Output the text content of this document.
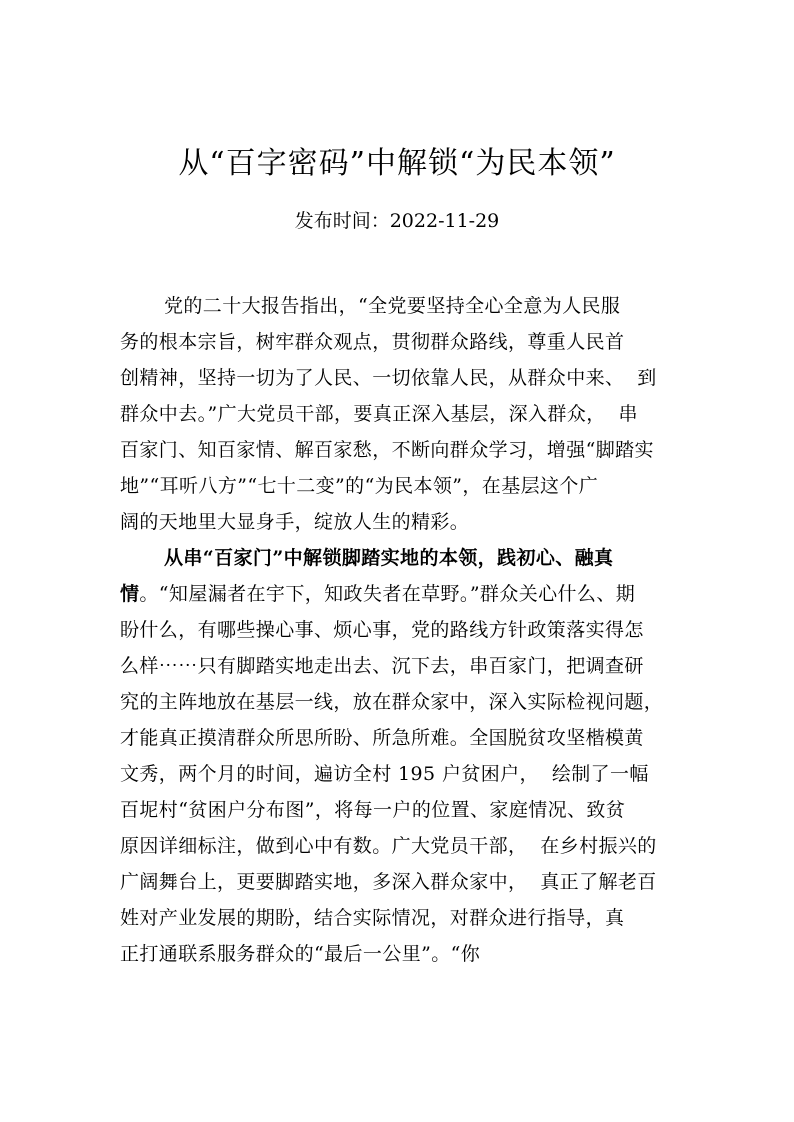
从“百字密码”中解锁“为民本领”
发布时间：2022-11-29
党的二十大报告指出，“全党要坚持全心全意为人民服
务的根本宗旨，树牢群众观点，贯彻群众路线，尊重人民首
创精神，坚持一切为了人民、一切依靠人民，从群众中来、  到
群众中去。”广大党员干部，要真正深入基层，深入群众，  串
百家门、知百家情、解百家愁，不断向群众学习，增强“脚踏实
地”“耳听八方”“七十二变”的“为民本领”，在基层这个广
阔的天地里大显身手，绽放人生的精彩。
从串“百家门”中解锁脚踏实地的本领，践初心、融真
情。“知屋漏者在宇下，知政失者在草野。”群众关心什么、期
盼什么，有哪些操心事、烦心事，党的路线方针政策落实得怎
么样⋯⋯只有脚踏实地走出去、沉下去，串百家门，把调查研
究的主阵地放在基层一线，放在群众家中，深入实际检视问题，
才能真正摸清群众所思所盼、所急所难。全国脱贫攻坚楷模黄
文秀，两个月的时间，遍访全村 195 户贫困户，  绘制了一幅
百坭村“贫困户分布图”，将每一户的位置、家庭情况、致贫
原因详细标注，做到心中有数。广大党员干部，  在乡村振兴的
广阔舞台上，更要脚踏实地，多深入群众家中，  真正了解老百
姓对产业发展的期盼，结合实际情况，对群众进行指导，真
正打通联系服务群众的“最后一公里”。“你
